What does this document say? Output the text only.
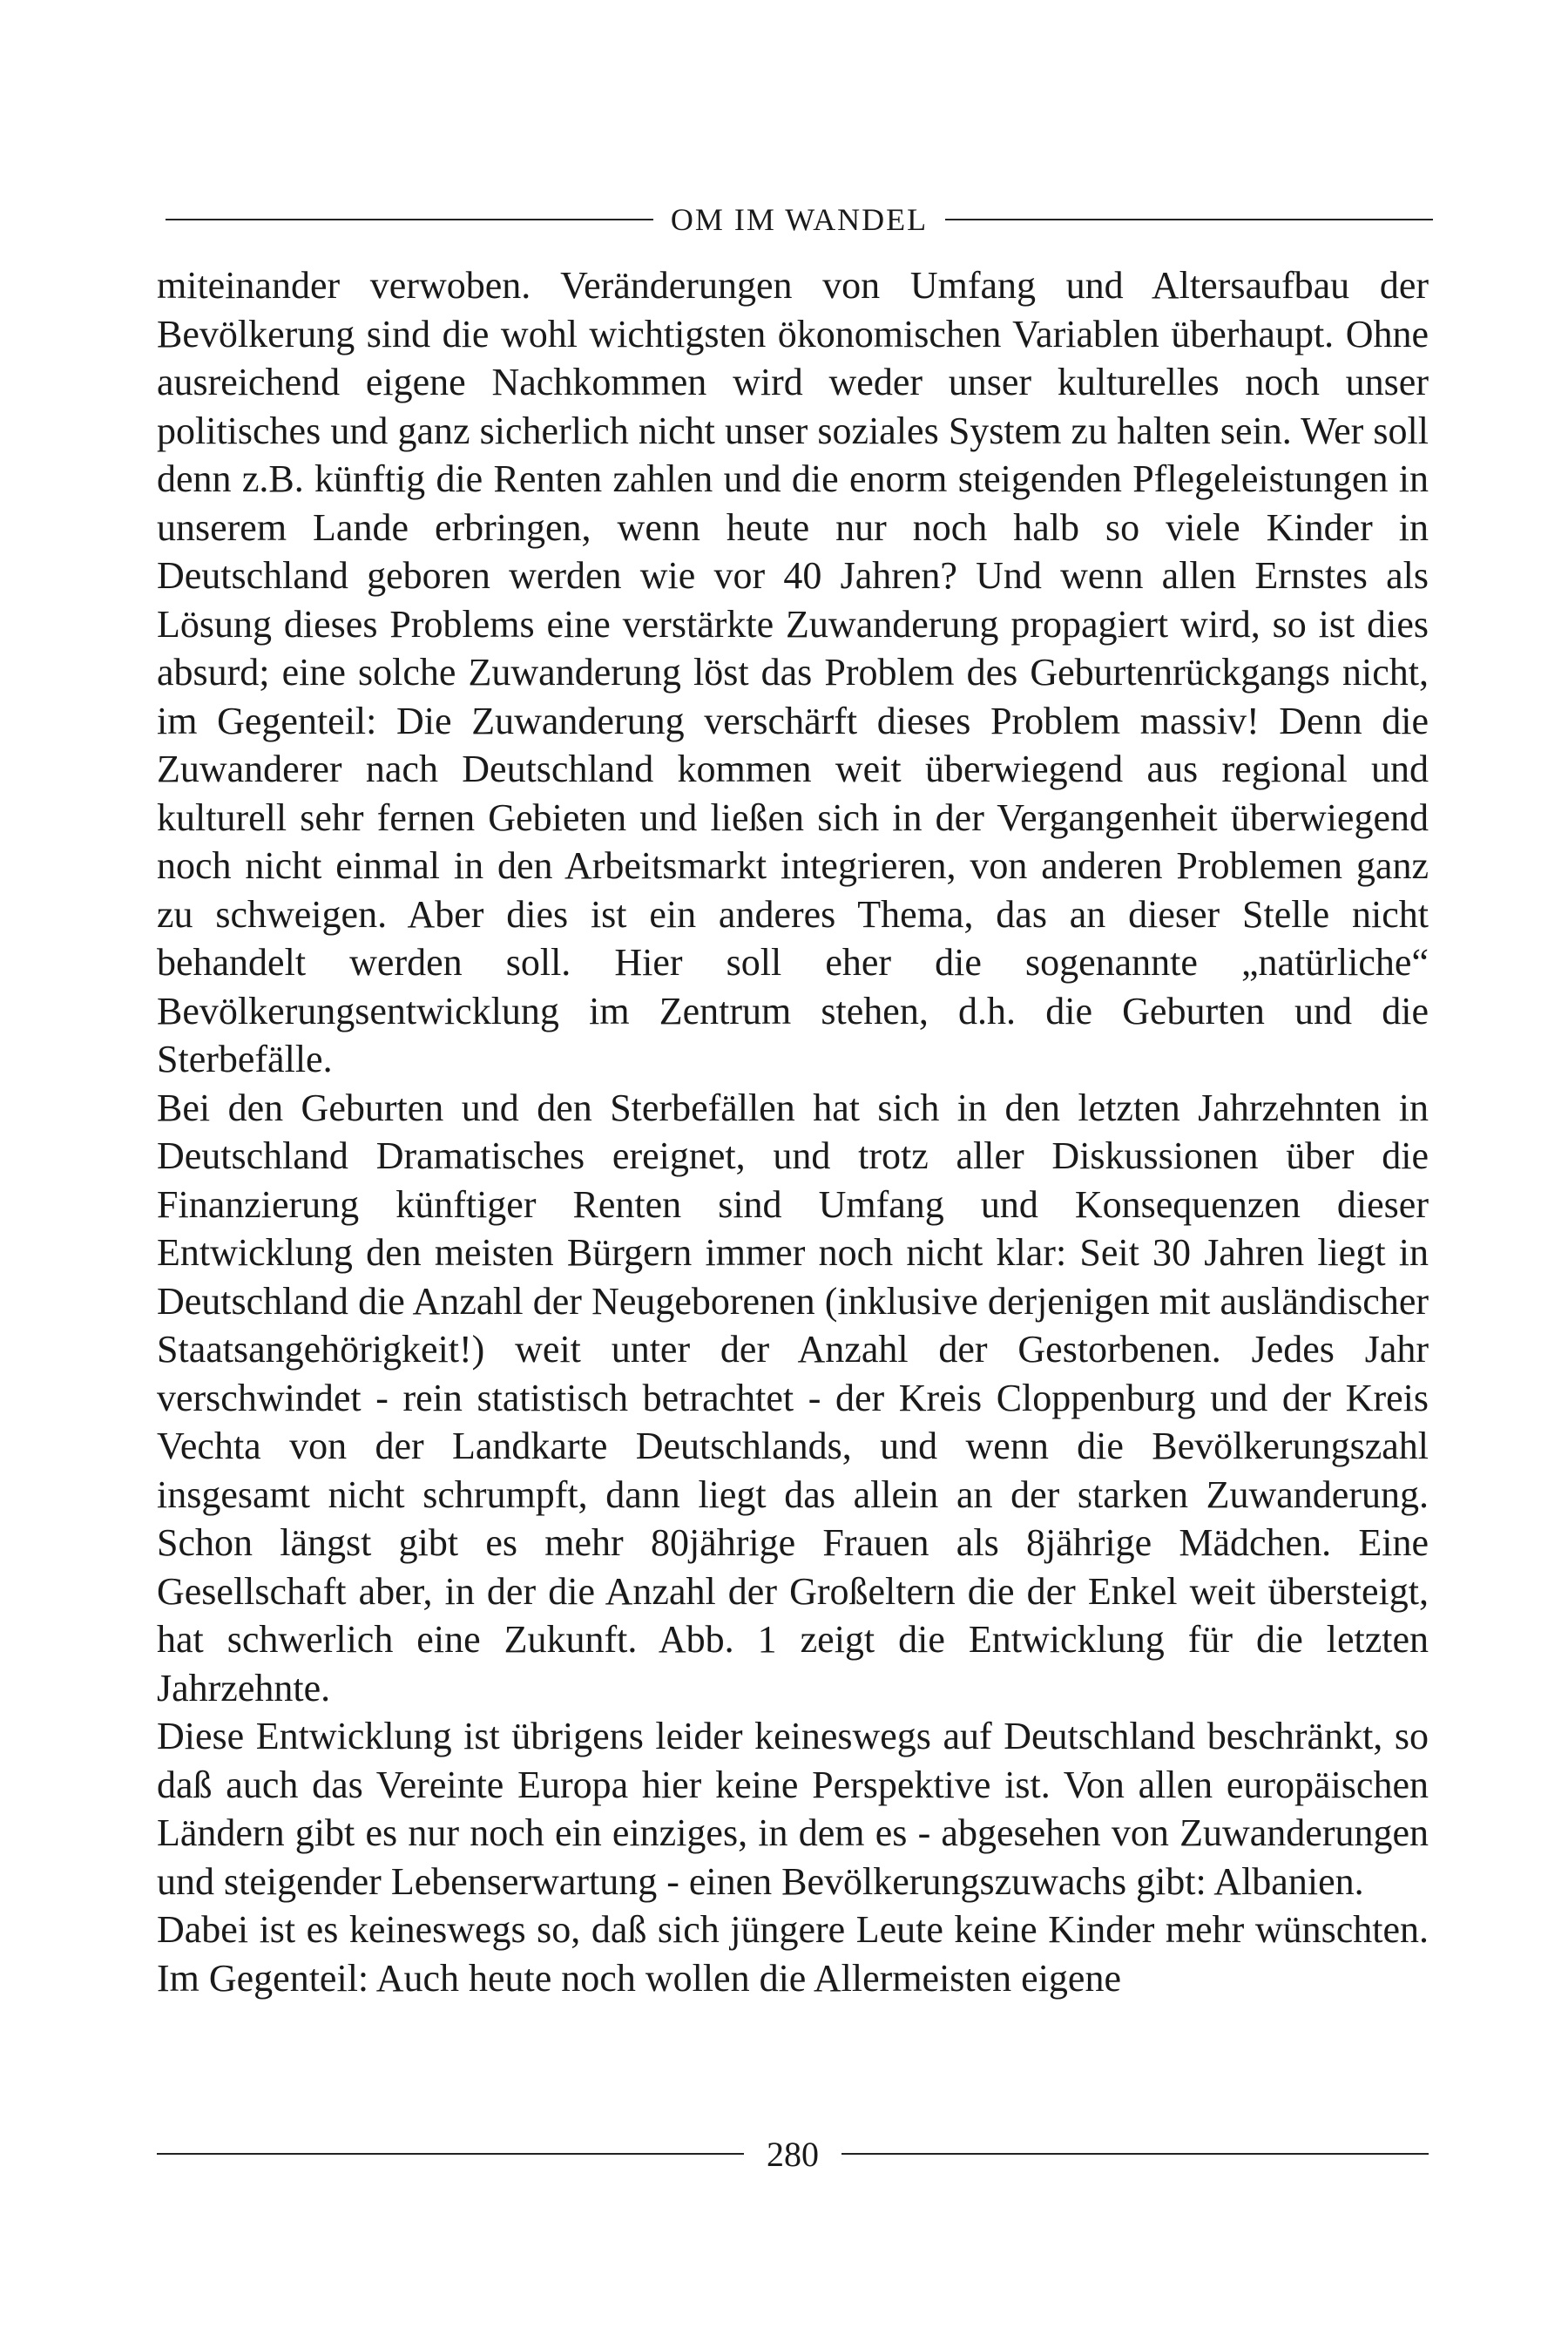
OM IM WANDEL

miteinander verwoben. Veränderungen von Umfang und Altersaufbau der Bevölkerung sind die wohl wichtigsten ökonomischen Variablen überhaupt. Ohne ausreichend eigene Nachkommen wird weder unser kulturelles noch unser politisches und ganz sicherlich nicht unser soziales System zu halten sein. Wer soll denn z.B. künftig die Renten zahlen und die enorm steigenden Pflegeleistungen in unserem Lande erbringen, wenn heute nur noch halb so viele Kinder in Deutschland geboren werden wie vor 40 Jahren? Und wenn allen Ernstes als Lösung dieses Problems eine verstärkte Zuwanderung propagiert wird, so ist dies absurd; eine solche Zuwanderung löst das Problem des Geburtenrückgangs nicht, im Gegenteil: Die Zuwanderung verschärft dieses Problem massiv! Denn die Zuwanderer nach Deutschland kommen weit überwiegend aus regional und kulturell sehr fernen Gebieten und ließen sich in der Vergangenheit überwiegend noch nicht einmal in den Arbeitsmarkt integrieren, von anderen Problemen ganz zu schweigen. Aber dies ist ein anderes Thema, das an dieser Stelle nicht behandelt werden soll. Hier soll eher die sogenannte „natürliche“ Bevölkerungsentwicklung im Zentrum stehen, d.h. die Geburten und die Sterbefälle.

Bei den Geburten und den Sterbefällen hat sich in den letzten Jahrzehnten in Deutschland Dramatisches ereignet, und trotz aller Diskussionen über die Finanzierung künftiger Renten sind Umfang und Konsequenzen dieser Entwicklung den meisten Bürgern immer noch nicht klar: Seit 30 Jahren liegt in Deutschland die Anzahl der Neugeborenen (inklusive derjenigen mit ausländischer Staatsangehörigkeit!) weit unter der Anzahl der Gestorbenen. Jedes Jahr verschwindet - rein statistisch betrachtet - der Kreis Cloppenburg und der Kreis Vechta von der Landkarte Deutschlands, und wenn die Bevölkerungszahl insgesamt nicht schrumpft, dann liegt das allein an der starken Zuwanderung. Schon längst gibt es mehr 80jährige Frauen als 8jährige Mädchen. Eine Gesellschaft aber, in der die Anzahl der Großeltern die der Enkel weit übersteigt, hat schwerlich eine Zukunft. Abb. 1 zeigt die Entwicklung für die letzten Jahrzehnte.

Diese Entwicklung ist übrigens leider keineswegs auf Deutschland beschränkt, so daß auch das Vereinte Europa hier keine Perspektive ist. Von allen europäischen Ländern gibt es nur noch ein einziges, in dem es - abgesehen von Zuwanderungen und steigender Lebenserwartung - einen Bevölkerungszuwachs gibt: Albanien.

Dabei ist es keineswegs so, daß sich jüngere Leute keine Kinder mehr wünschten. Im Gegenteil: Auch heute noch wollen die Allermeisten eigene

280
